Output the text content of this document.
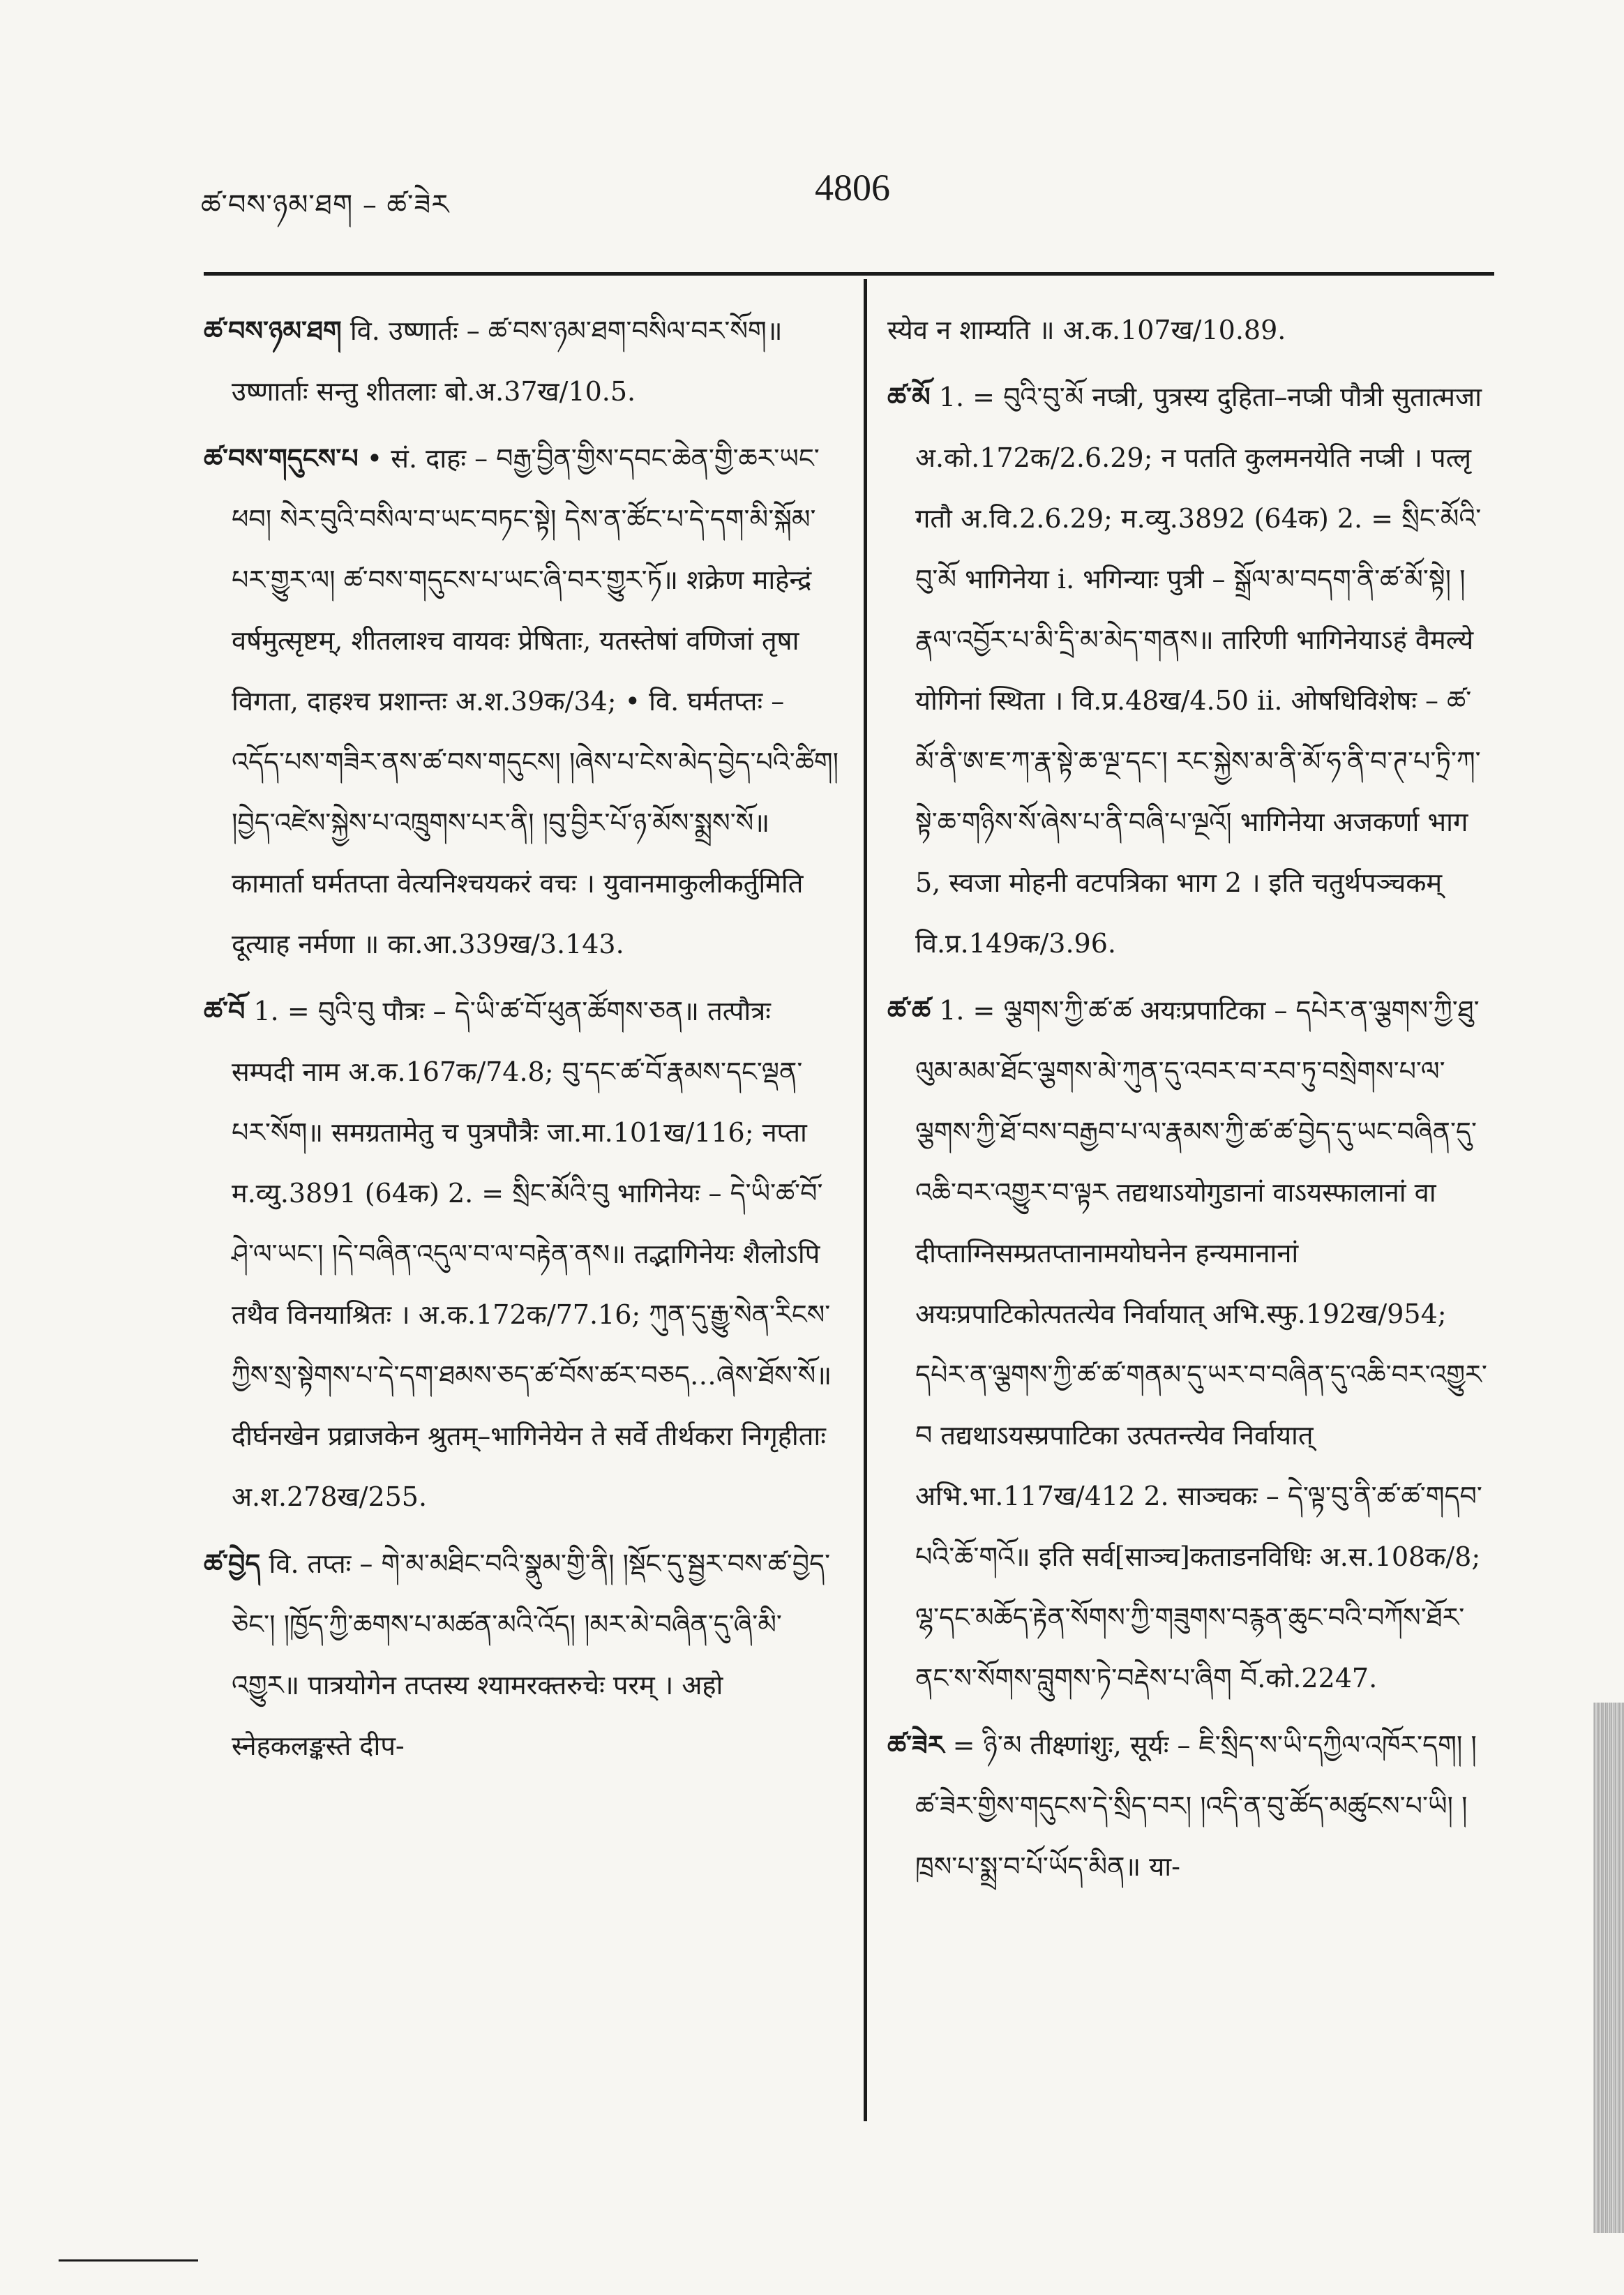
ཚ་བས་ཉམ་ཐག – ཚ་ཟེར	4806
ཚ་བས་ཉམ་ཐག वि. उष्णार्तः – ཚ་བས་ཉམ་ཐག་བསིལ་བར་སོག॥ उष्णार्ताः सन्तु शीतलाः बो.अ.37ख/10.5.
ཚ་བས་གདུངས་པ • सं. दाहः – བརྒྱ་བྱིན་གྱིས་དབང་ཆེན་གྱི་ཆར་ཡང་ཕབ། སེར་བུའི་བསིལ་བ་ཡང་བཏང་སྟེ། དེས་ན་ཚོང་པ་དེ་དག་མི་སྐོམ་པར་གྱུར་ལ། ཚ་བས་གདུངས་པ་ཡང་ཞི་བར་གྱུར་ཏོ॥ शक्रेण माहेन्द्रं वर्षमुत्सृष्टम्, शीतलाश्च वायवः प्रेषिताः, यतस्तेषां वणिजां तृषा विगता, दाहश्च प्रशान्तः अ.श.39क/34; • वि. घर्मतप्तः – འདོད་པས་གཟིར་ནས་ཚ་བས་གདུངས། །ཞེས་པ་ངེས་མེད་བྱེད་པའི་ཚིག། །བྱེད་འཛེས་སྐྱེས་པ་འཁྲུགས་པར་ནི། །བུ་བྱིར་པོ་ཉ་མོས་སྨྲས་སོ॥ कामार्ता घर्मतप्ता वेत्यनिश्चयकरं वचः । युवानमाकुलीकर्तुमिति दूत्याह नर्मणा ॥ का.आ.339ख/3.143.
ཚ་བོ 1. = བུའི་བུ पौत्रः – དེ་ཡི་ཚ་བོ་ཕུན་ཚོགས་ཅན॥ तत्पौत्रः सम्पदी नाम अ.क.167क/74.8; བུ་དང་ཚ་བོ་རྣམས་དང་ལྡན་པར་སོག॥ समग्रतामेतु च पुत्रपौत्रैः जा.मा.101ख/116; नप्ता म.व्यु.3891 (64क) 2. = སྲིང་མོའི་བུ भागिनेयः – དེ་ཡི་ཚ་བོ་ཤེ་ལ་ཡང་། །དེ་བཞིན་འདུལ་བ་ལ་བརྟེན་ནས॥ तद्भागिनेयः शैलोऽपि तथैव विनयाश्रितः । अ.क.172क/77.16; ཀུན་དུ་རྒྱུ་སེན་རིངས་ཀྱིས་སྲ་སྟེགས་པ་དེ་དག་ཐམས་ཅད་ཚ་བོས་ཚར་བཅད…ཞེས་ཐོས་སོ॥ दीर्घनखेन प्रव्राजकेन श्रुतम्–भागिनेयेन ते सर्वे तीर्थकरा निगृहीताः अ.श.278ख/255.
ཚ་བྱེད वि. तप्तः – གེ་མ་མཐིང་བའི་སྣུམ་གྱི་ནི། །སྡོང་དུ་སྦྱར་བས་ཚ་བྱེད་ཅེང་། །ཁྱོད་ཀྱི་ཆགས་པ་མཚན་མའི་འོད། །མར་མེ་བཞིན་དུ་ཞི་མི་འགྱུར॥ पात्रयोगेन तप्तस्य श्यामरक्तरुचेः परम् । अहो स्नेहकलङ्कस्ते दीप-
स्येव न शाम्यति ॥ अ.क.107ख/10.89.
ཚ་མོ 1. = བུའི་བུ་མོ नप्त्री, पुत्रस्य दुहिता–नप्त्री पौत्री सुतात्मजा अ.को.172क/2.6.29; न पतति कुलमनयेति नप्त्री । पत्लृ गतौ अ.वि.2.6.29; म.व्यु.3892 (64क) 2. = སྲིང་མོའི་བུ་མོ भागिनेया i. भगिन्याः पुत्री – སྒྲོལ་མ་བདག་ནི་ཚ་མོ་སྟེ། །རྣལ་འབྱོར་པ་མི་དྲི་མ་མེད་གནས॥ तारिणी भागिनेयाऽहं वैमल्ये योगिनां स्थिता । वि.प्र.48ख/4.50 ii. ओषधिविशेषः – ཚ་མོ་ནི་ཨ་ཇ་ཀ་རྣ་སྟེ་ཆ་ལྔ་དང་། རང་སྐྱེས་མ་ནི་མོ་ཧ་ནི་བ་ཊ་པ་ཏྲི་ཀ་སྟེ་ཆ་གཉིས་སོ་ཞེས་པ་ནི་བཞི་པ་ལྔའོ། भागिनेया अजकर्णा भाग 5, स्वजा मोहनी वटपत्रिका भाग 2 । इति चतुर्थपञ्चकम् वि.प्र.149क/3.96.
ཚ་ཚ 1. = ལྕགས་ཀྱི་ཚ་ཚ अयःप्रपाटिका – དཔེར་ན་ལྕགས་ཀྱི་ཐུ་ལུམ་མམ་ཐོང་ལྕགས་མེ་ཀུན་དུ་འབར་བ་རབ་ཏུ་བསྲེགས་པ་ལ་ལྕགས་ཀྱི་ཐོ་བས་བརྒྱབ་པ་ལ་རྣམས་ཀྱི་ཚ་ཚ་བྱེད་དུ་ཡང་བཞིན་དུ་འཆི་བར་འགྱུར་བ་ལྟར तद्यथाऽयोगुडानां वाऽयस्फालानां वा दीप्ताग्निसम्प्रतप्तानामयोघनेन हन्यमानानां अयःप्रपाटिकोत्पतत्येव निर्वायात् अभि.स्फु.192ख/954; དཔེར་ན་ལྕགས་ཀྱི་ཚ་ཚ་གནམ་དུ་ཡར་བ་བཞིན་དུ་འཆི་བར་འགྱུར་བ तद्यथाऽयस्प्रपाटिका उत्पतन्त्येव निर्वायात् अभि.भा.117ख/412 2. साञ्चकः – དེ་ལྟ་བུ་ནི་ཚ་ཚ་གདབ་པའི་ཆོ་གའོ॥ इति सर्व[साञ्च]कताडनविधिः अ.स.108क/8; ལྷ་དང་མཆོད་རྟེན་སོགས་ཀྱི་གཟུགས་བརྙན་ཆུང་བའི་བཀོས་ཐོར་ནང་ས་སོགས་བླུགས་ཏེ་བརྡེས་པ་ཞིག བོ.को.2247.
ཚ་ཟེར = ཉི་མ तीक्ष्णांशुः, सूर्यः – ཇི་སྲིད་ས་ཡི་དཀྱིལ་འཁོར་དག། །ཚ་ཟེར་གྱིས་གདུངས་དེ་སྲིད་བར། །འདི་ན་བུ་ཚོད་མཚུངས་པ་ཡི། །ཁྲས་པ་སྨྲ་བ་པོ་ཡོད་མིན॥ या-
